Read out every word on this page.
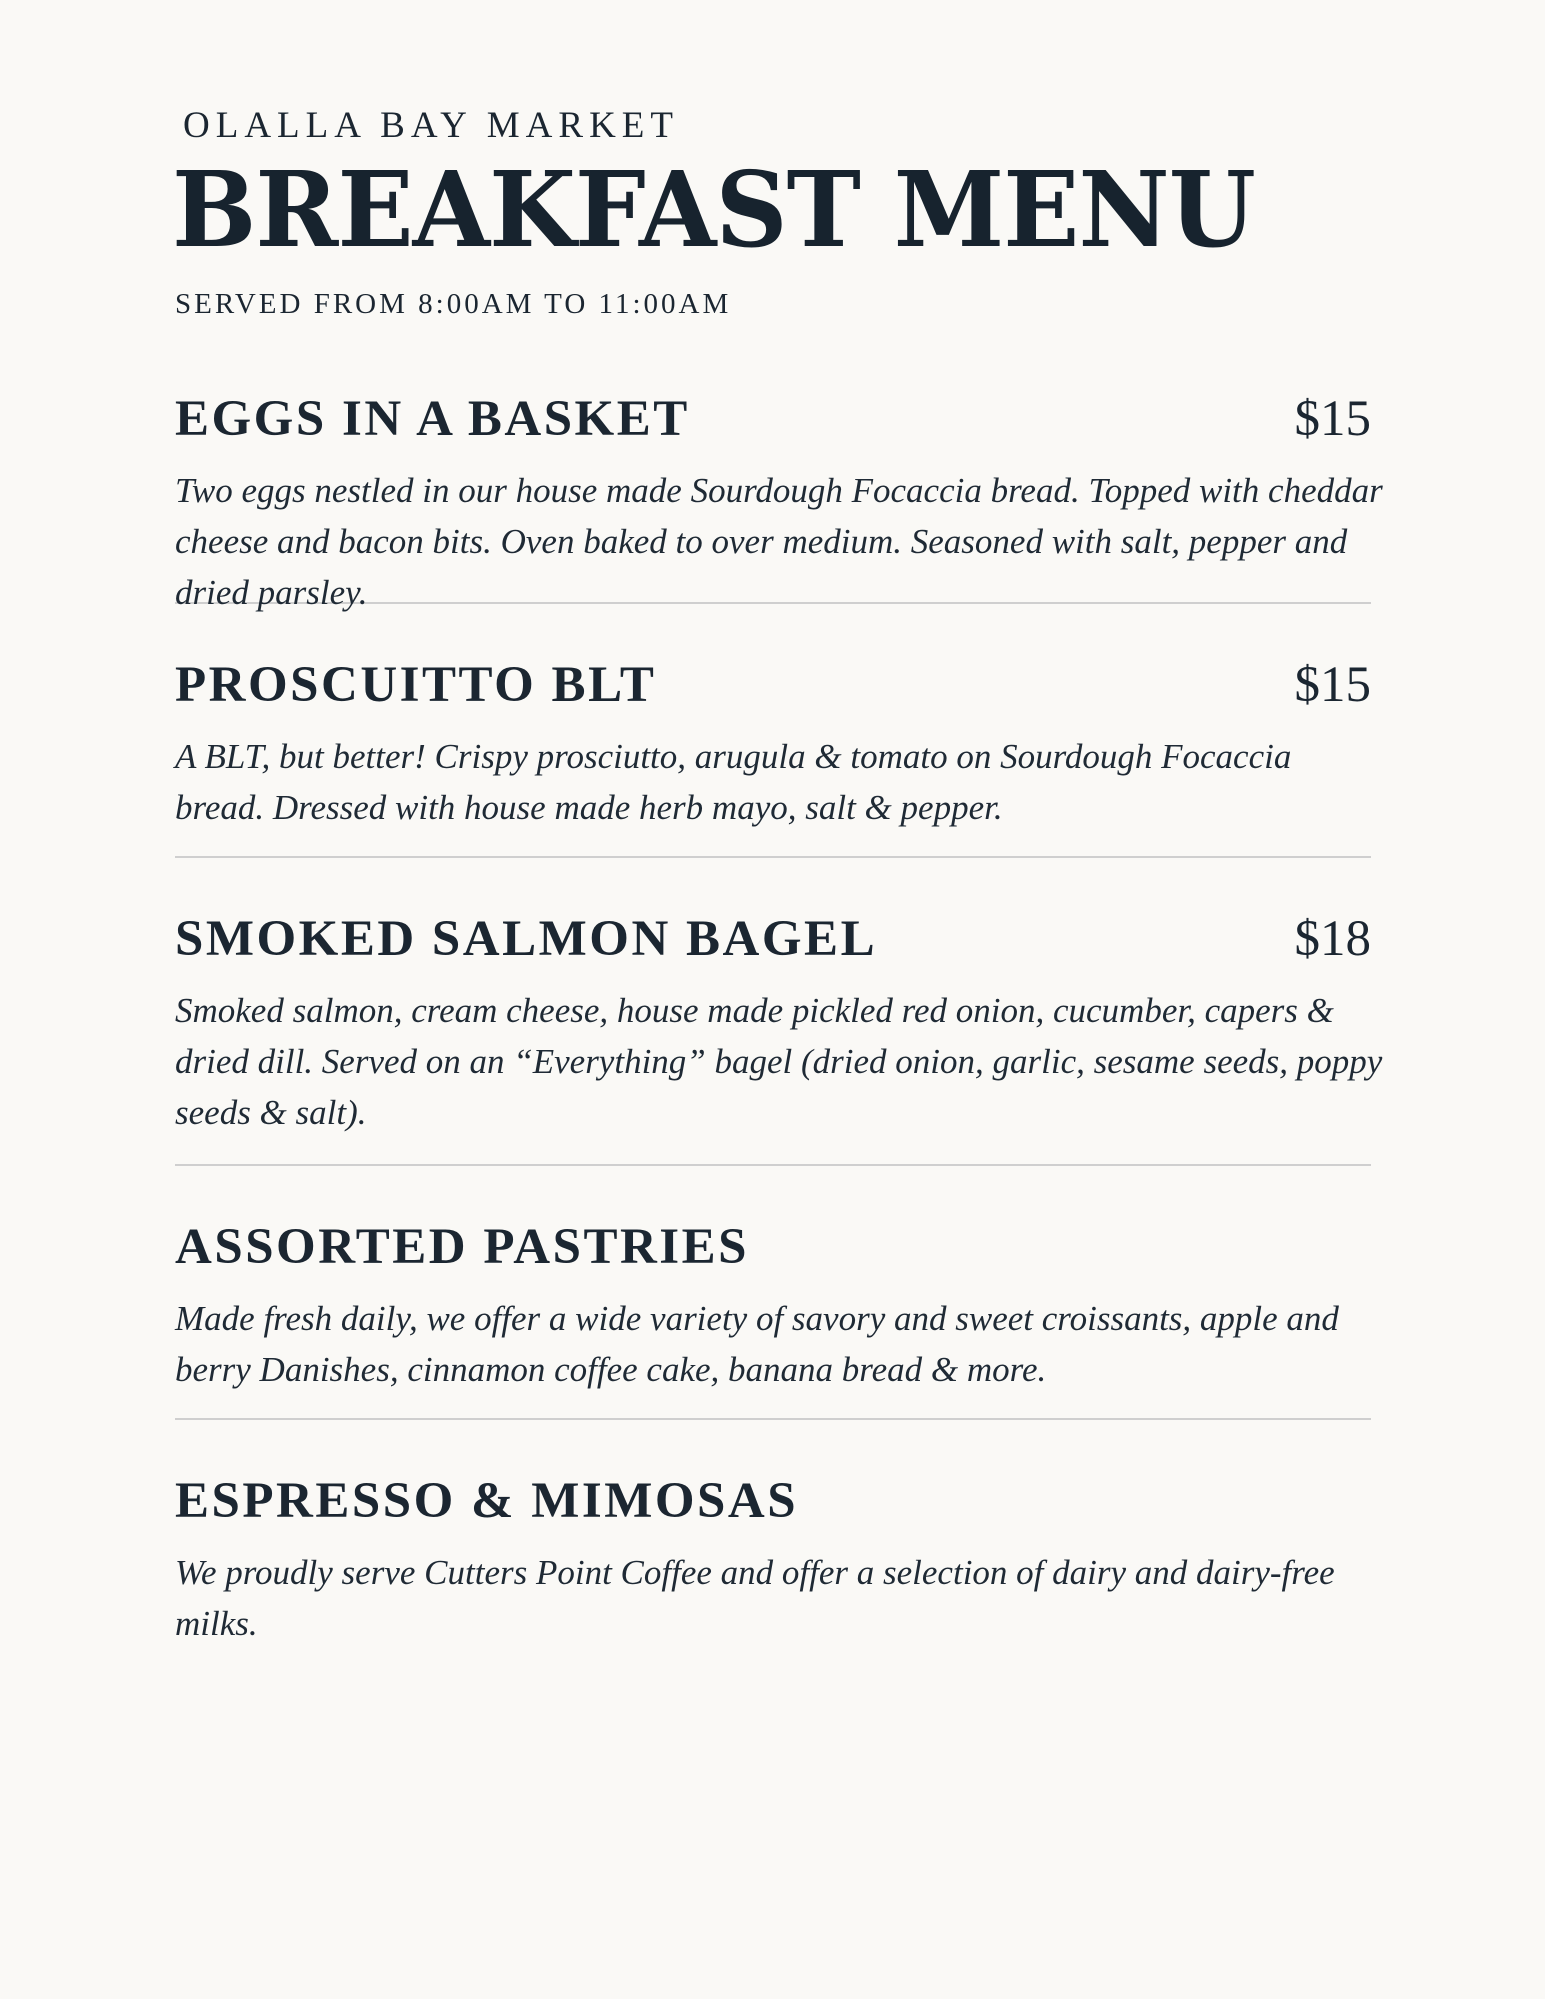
OLALLA BAY MARKET
BREAKFAST MENU
SERVED FROM 8:00AM TO 11:00AM
EGGS IN A BASKET	$15
Two eggs nestled in our house made Sourdough Focaccia bread. Topped with cheddar cheese and bacon bits. Oven baked to over medium. Seasoned with salt, pepper and dried parsley.
PROSCUITTO BLT	$15
A BLT, but better! Crispy prosciutto, arugula & tomato on Sourdough Focaccia bread. Dressed with house made herb mayo, salt & pepper.
SMOKED SALMON BAGEL	$18
Smoked salmon, cream cheese, house made pickled red onion, cucumber, capers & dried dill. Served on an “Everything” bagel (dried onion, garlic, sesame seeds, poppy seeds & salt).
ASSORTED PASTRIES
Made fresh daily, we offer a wide variety of savory and sweet croissants, apple and berry Danishes, cinnamon coffee cake, banana bread & more.
ESPRESSO & MIMOSAS
We proudly serve Cutters Point Coffee and offer a selection of dairy and dairy-free milks.
